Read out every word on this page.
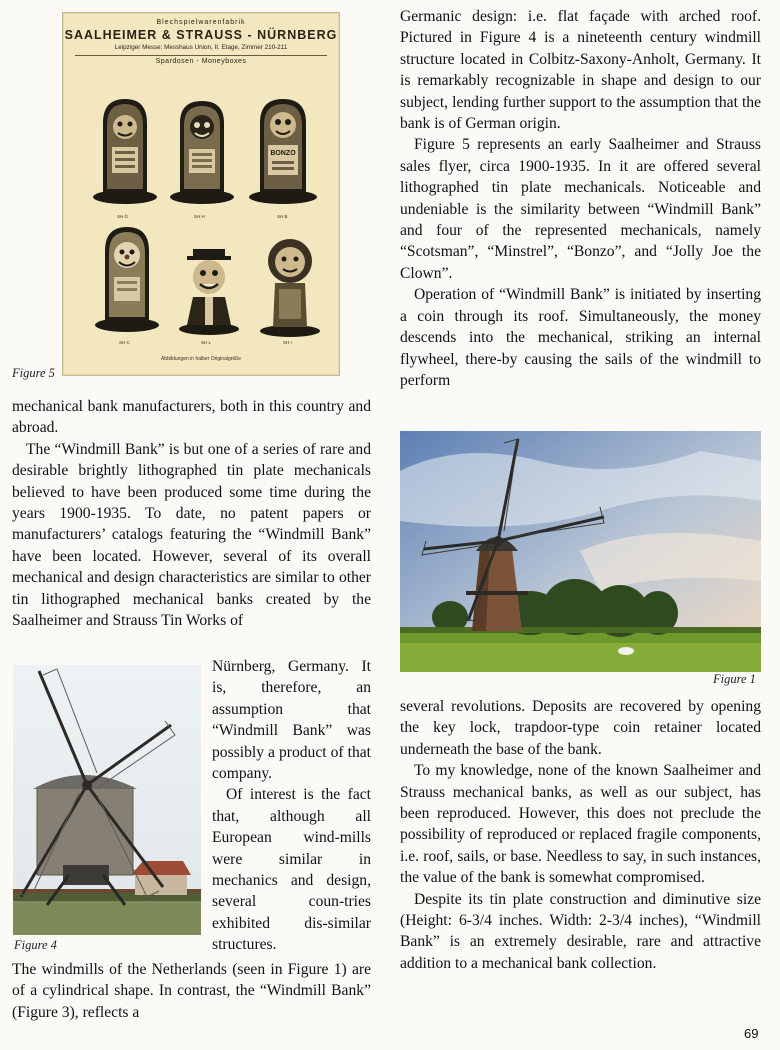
Blechspielwarenfabrik
SAALHEIMER & STRAUSS - NÜRNBERG
Leipziger Messe: Messhaus Union, II. Etage, Zimmer 210-211
Spardosen - Moneyboxes
SH G	SH H
BONZO
SH B
SH C	SH L	SH I
Abbildungen in halber Originalgröße
Figure 5

mechanical bank manufacturers, both in this country and abroad.

The “Windmill Bank” is but one of a series of rare and desirable brightly lithographed tin plate mechanicals believed to have been produced some time during the years 1900-1935. To date, no patent papers or manufacturers’ catalogs featuring the “Windmill Bank” have been located. However, several of its overall mechanical and design characteristics are similar to other tin lithographed mechanical banks created by the Saalheimer and Strauss Tin Works of

Figure 4

Nürnberg, Germany. It is, therefore, an assumption that “Windmill Bank” was possibly a product of that company.

Of interest is the fact that, although all European wind-mills were similar in mechanics and design, several coun-tries exhibited dis-similar structures.

The windmills of the Netherlands (seen in Figure 1) are of a cylindrical shape. In contrast, the “Windmill Bank” (Figure 3), reflects a

Germanic design: i.e. flat façade with arched roof. Pictured in Figure 4 is a nineteenth century windmill structure located in Colbitz-Saxony-Anholt, Germany. It is remarkably recognizable in shape and design to our subject, lending further support to the assumption that the bank is of German origin.

Figure 5 represents an early Saalheimer and Strauss sales flyer, circa 1900-1935. In it are offered several lithographed tin plate mechanicals. Noticeable and undeniable is the similarity between “Windmill Bank” and four of the represented mechanicals, namely “Scotsman”, “Minstrel”, “Bonzo”, and “Jolly Joe the Clown”.

Operation of “Windmill Bank” is initiated by inserting a coin through its roof. Simultaneously, the money descends into the mechanical, striking an internal flywheel, there-by causing the sails of the windmill to perform

Figure 1

several revolutions. Deposits are recovered by opening the key lock, trapdoor-type coin retainer located underneath the base of the bank.

To my knowledge, none of the known Saalheimer and Strauss mechanical banks, as well as our subject, has been reproduced. However, this does not preclude the possibility of reproduced or replaced fragile components, i.e. roof, sails, or base. Needless to say, in such instances, the value of the bank is somewhat compromised.

Despite its tin plate construction and diminutive size (Height: 6-3/4 inches. Width: 2-3/4 inches), “Windmill Bank” is an extremely desirable, rare and attractive addition to a mechanical bank collection.

69
